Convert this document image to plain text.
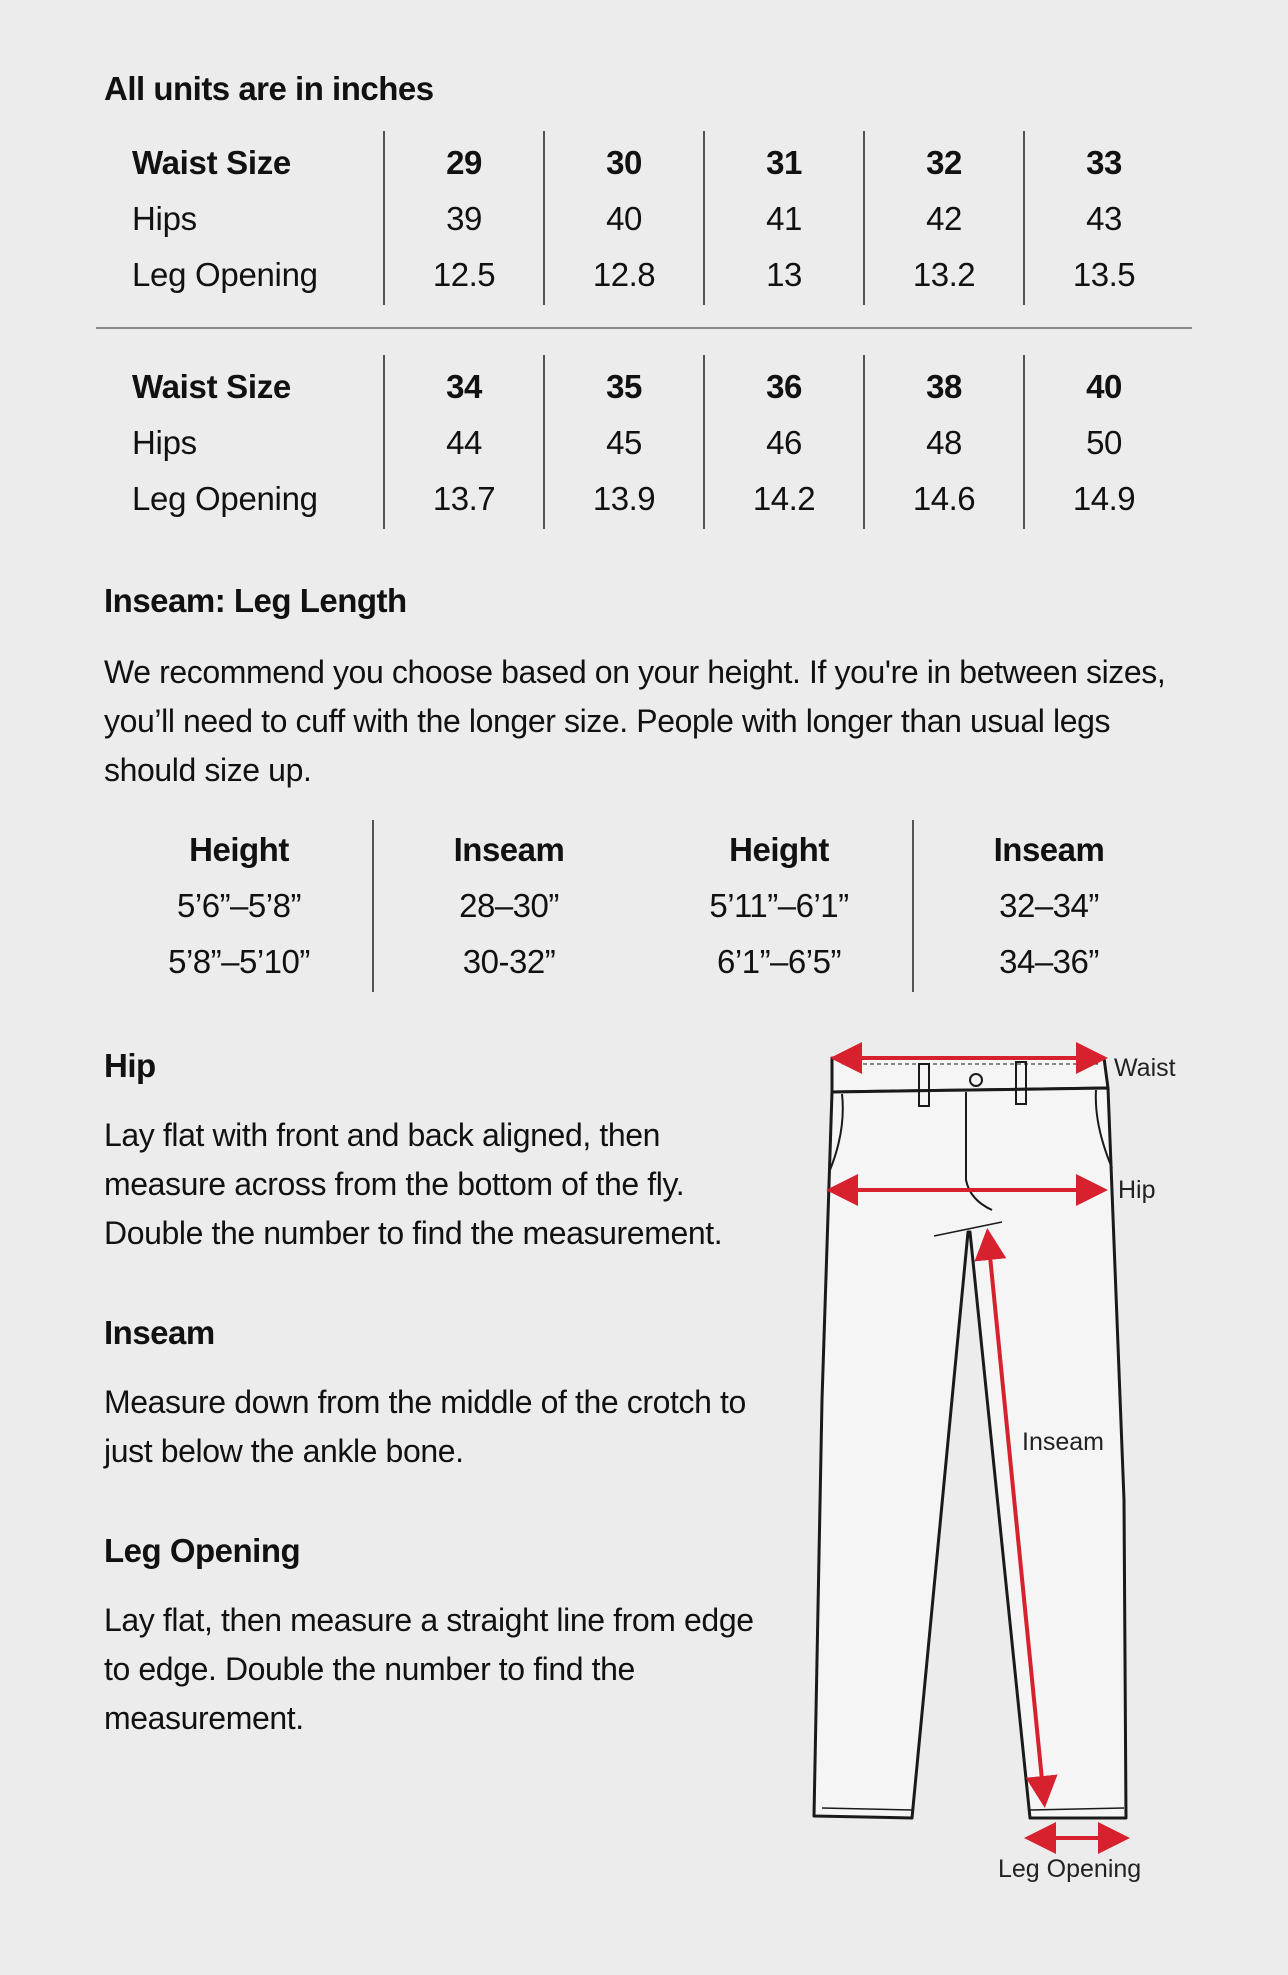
All units are in inches
Waist Size	29	30	31	32	33
Hips	39	40	41	42	43
Leg Opening	12.5	12.8	13	13.2	13.5
Waist Size	34	35	36	38	40
Hips	44	45	46	48	50
Leg Opening	13.7	13.9	14.2	14.6	14.9
Inseam: Leg Length
We recommend you choose based on your height. If you're in between sizes, you’ll need to cuff with the longer size. People with longer than usual legs should size up.
Height	Inseam	Height	Inseam
5’6”–5’8”	28–30”	5’11”–6’1”	32–34”
5’8”–5’10”	30-32”	6’1”–6’5”	34–36”
Hip
Lay flat with front and back aligned, then measure across from the bottom of the fly. Double the number to find the measurement.
Inseam
Measure down from the middle of the crotch to just below the ankle bone.
Leg Opening
Lay flat, then measure a straight line from edge to edge. Double the number to find the measurement.
Waist
Hip
Inseam
Leg Opening
